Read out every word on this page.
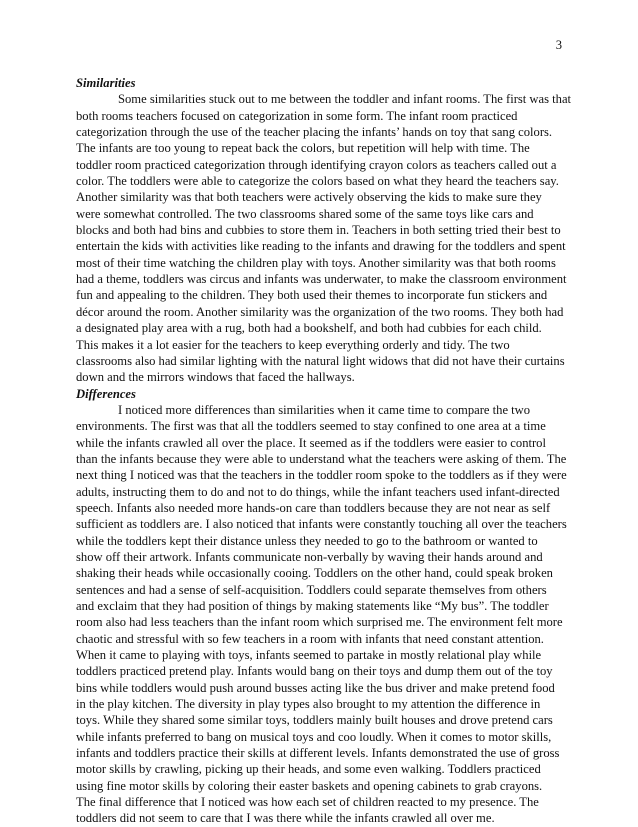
3
Similarities
Some similarities stuck out to me between the toddler and infant rooms. The first was that
both rooms teachers focused on categorization in some form. The infant room practiced
categorization through the use of the teacher placing the infants’ hands on toy that sang colors.
The infants are too young to repeat back the colors, but repetition will help with time. The
toddler room practiced categorization through identifying crayon colors as teachers called out a
color. The toddlers were able to categorize the colors based on what they heard the teachers say.
Another similarity was that both teachers were actively observing the kids to make sure they
were somewhat controlled. The two classrooms shared some of the same toys like cars and
blocks and both had bins and cubbies to store them in. Teachers in both setting tried their best to
entertain the kids with activities like reading to the infants and drawing for the toddlers and spent
most of their time watching the children play with toys. Another similarity was that both rooms
had a theme, toddlers was circus and infants was underwater, to make the classroom environment
fun and appealing to the children. They both used their themes to incorporate fun stickers and
décor around the room. Another similarity was the organization of the two rooms. They both had
a designated play area with a rug, both had a bookshelf, and both had cubbies for each child.
This makes it a lot easier for the teachers to keep everything orderly and tidy. The two
classrooms also had similar lighting with the natural light widows that did not have their curtains
down and the mirrors windows that faced the hallways.
Differences
I noticed more differences than similarities when it came time to compare the two
environments. The first was that all the toddlers seemed to stay confined to one area at a time
while the infants crawled all over the place. It seemed as if the toddlers were easier to control
than the infants because they were able to understand what the teachers were asking of them. The
next thing I noticed was that the teachers in the toddler room spoke to the toddlers as if they were
adults, instructing them to do and not to do things, while the infant teachers used infant-directed
speech. Infants also needed more hands-on care than toddlers because they are not near as self
sufficient as toddlers are. I also noticed that infants were constantly touching all over the teachers
while the toddlers kept their distance unless they needed to go to the bathroom or wanted to
show off their artwork. Infants communicate non-verbally by waving their hands around and
shaking their heads while occasionally cooing. Toddlers on the other hand, could speak broken
sentences and had a sense of self-acquisition. Toddlers could separate themselves from others
and exclaim that they had position of things by making statements like “My bus”. The toddler
room also had less teachers than the infant room which surprised me. The environment felt more
chaotic and stressful with so few teachers in a room with infants that need constant attention.
When it came to playing with toys, infants seemed to partake in mostly relational play while
toddlers practiced pretend play. Infants would bang on their toys and dump them out of the toy
bins while toddlers would push around busses acting like the bus driver and make pretend food
in the play kitchen. The diversity in play types also brought to my attention the difference in
toys. While they shared some similar toys, toddlers mainly built houses and drove pretend cars
while infants preferred to bang on musical toys and coo loudly. When it comes to motor skills,
infants and toddlers practice their skills at different levels. Infants demonstrated the use of gross
motor skills by crawling, picking up their heads, and some even walking. Toddlers practiced
using fine motor skills by coloring their easter baskets and opening cabinets to grab crayons.
The final difference that I noticed was how each set of children reacted to my presence. The
toddlers did not seem to care that I was there while the infants crawled all over me.
